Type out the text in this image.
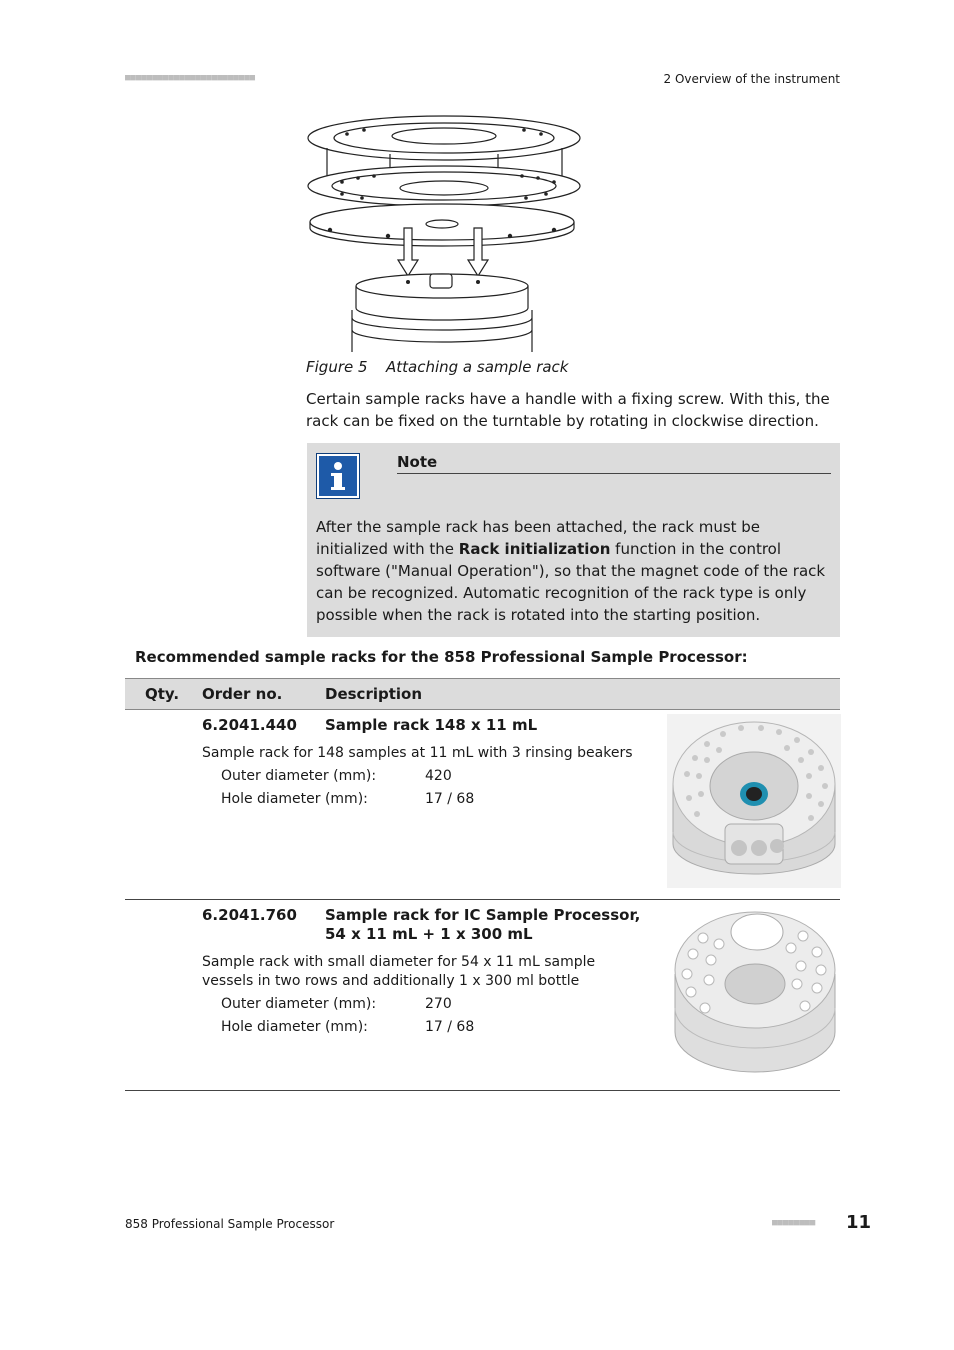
■■■■■■■■■■■■■■■■■■■■■■■■	2 Overview of the instrument
Figure 5 Attaching a sample rack
Certain sample racks have a handle with a fixing screw. With this, the rack can be fixed on the turntable by rotating in clockwise direction.
Note
After the sample rack has been attached, the rack must be initialized with the Rack initialization function in the control software ("Manual Operation"), so that the magnet code of the rack can be recognized. Automatic recognition of the rack type is only possible when the rack is rotated into the starting position.
Recommended sample racks for the 858 Professional Sample Processor:
Qty. Order no.	Description
6.2041.440 Sample rack 148 x 11 mL
Sample rack for 148 samples at 11 mL with 3 rinsing beakers
Outer diameter (mm):	420
Hole diameter (mm):	17 / 68
6.2041.760 Sample rack for IC Sample Processor, 54 x 11 mL + 1 x 300 mL
Sample rack with small diameter for 54 x 11 mL sample vessels in two rows and additionally 1 x 300 ml bottle
Outer diameter (mm):	270
Hole diameter (mm):	17 / 68
858 Professional Sample Processor	■■■■■■■■ 11
